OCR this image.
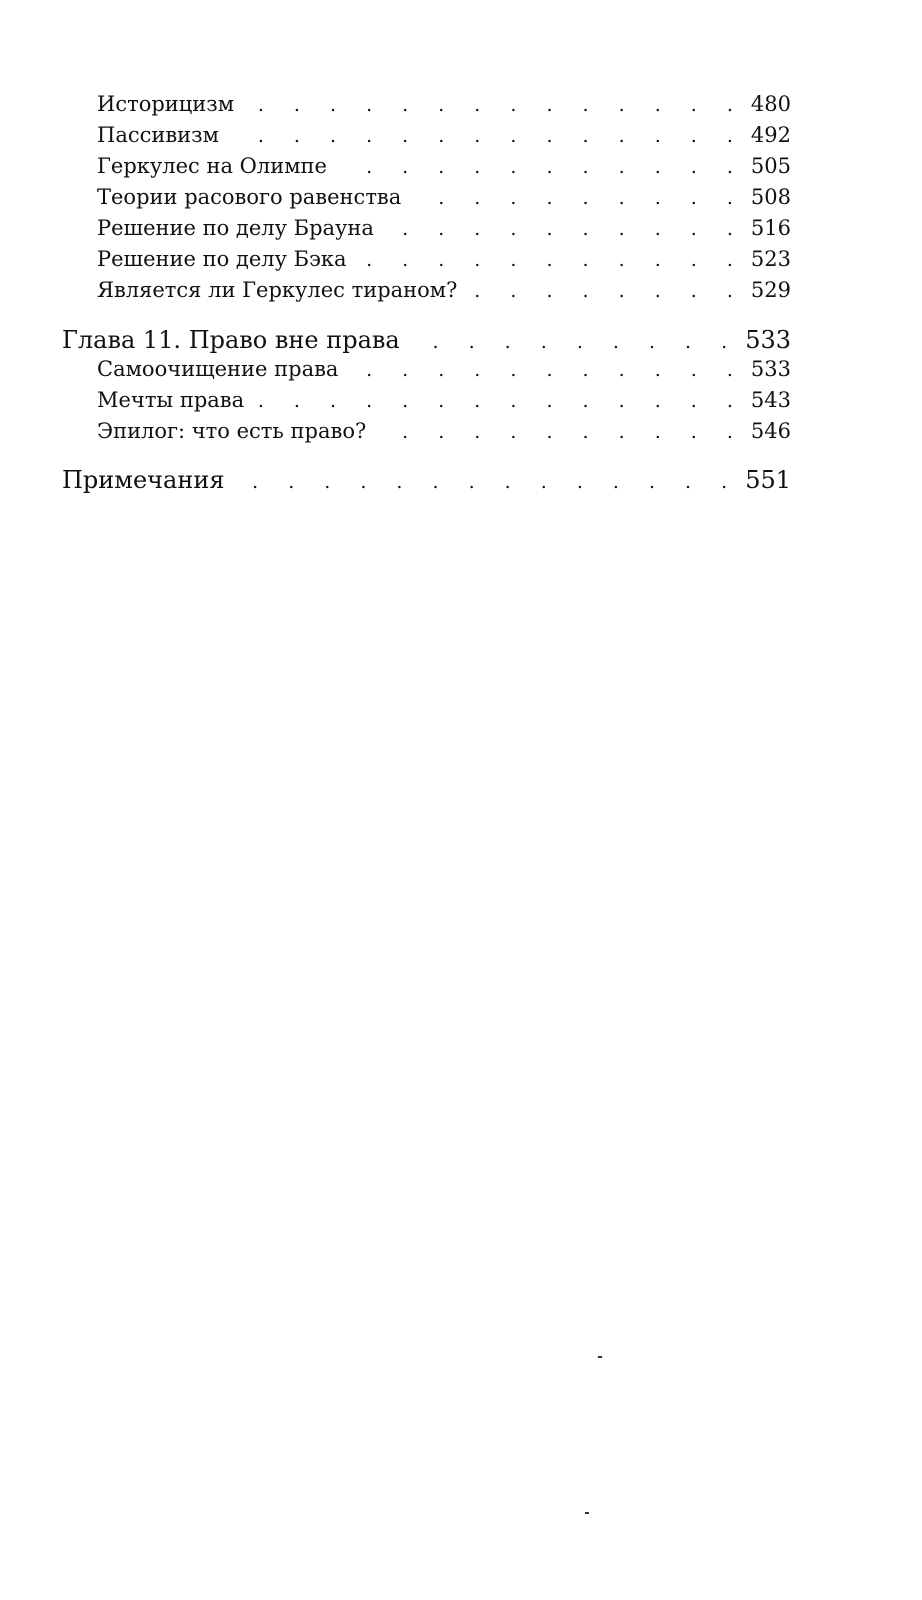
Историцизм . . .	480
Пассивизм . . .	492
Геркулес на Олимпе . . .	505
Теории расового равенства . . .	508
Решение по делу Брауна . . .	516
Решение по делу Бэка . . .	523
Является ли Геркулес тираном? . . .	529
Глава 11. Право вне права . . .	533
Самоочищение права . . .	533
Мечты права . . .	543
Эпилог: что есть право? . . .	546
Примечания . . .	551
